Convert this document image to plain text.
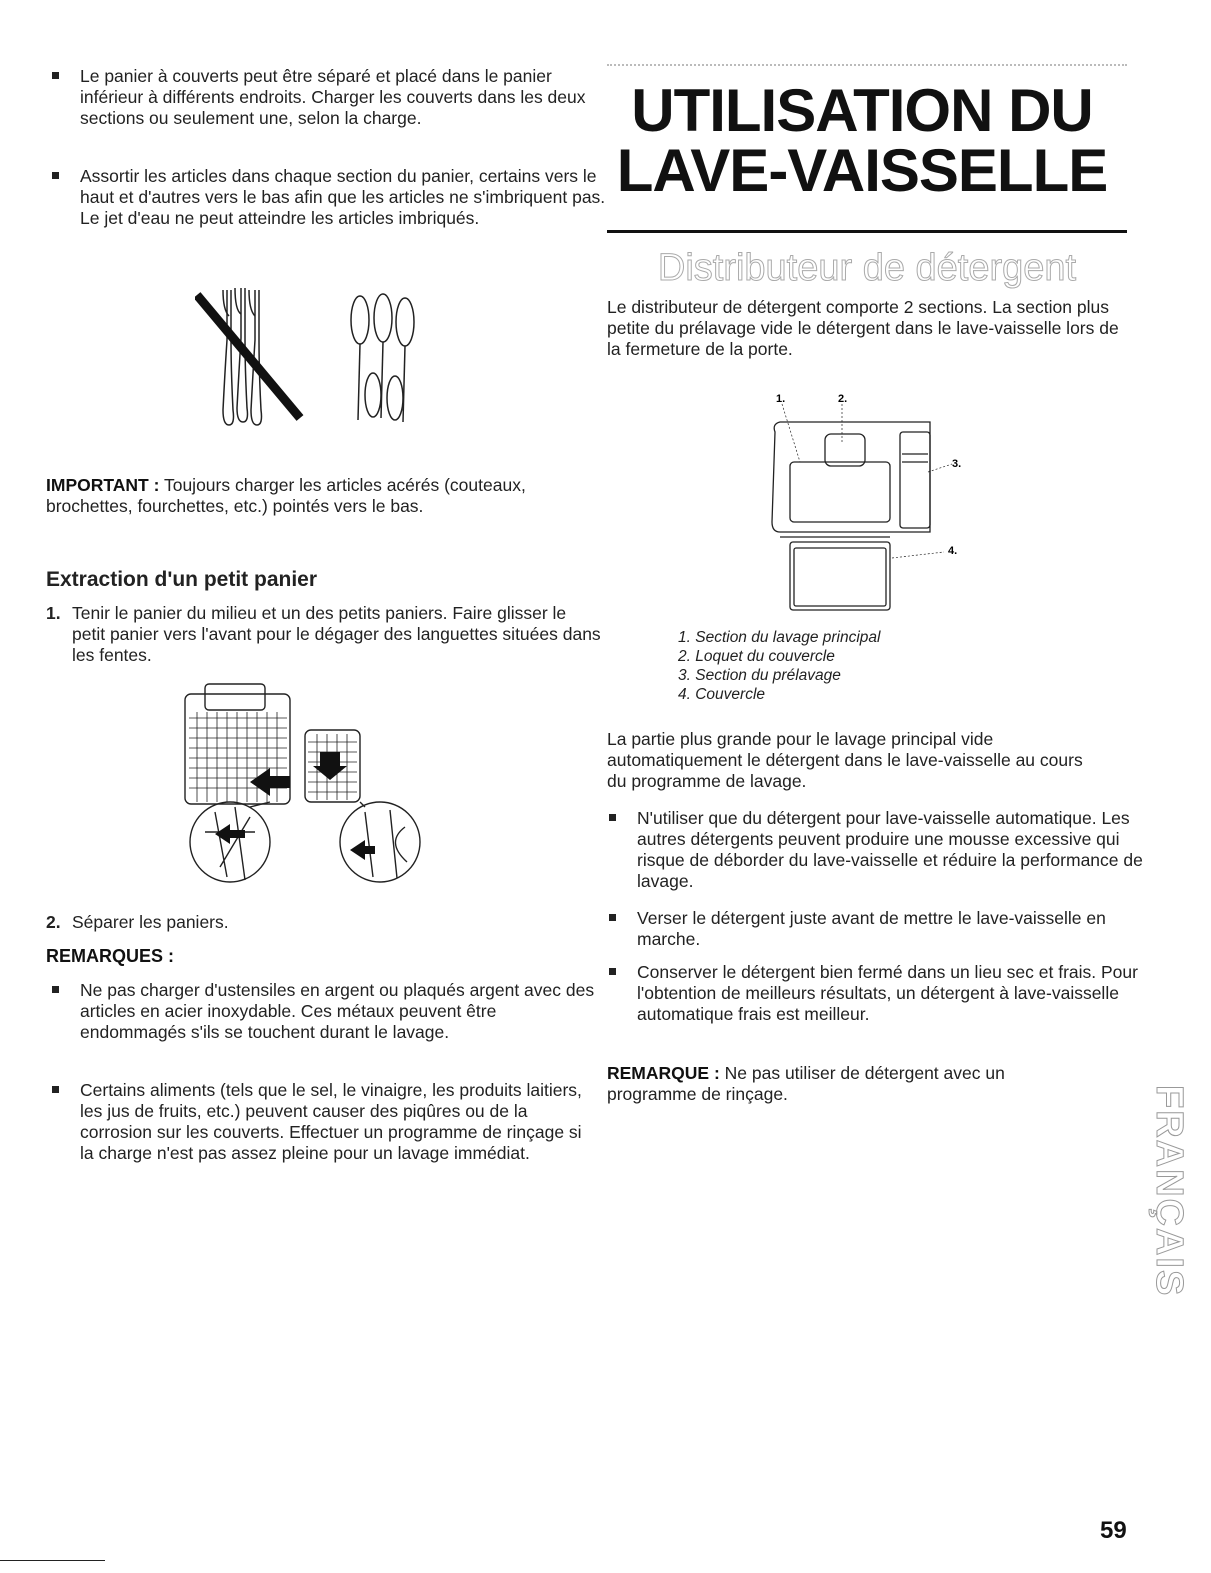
Le panier à couverts peut être séparé et placé dans le panier inférieur à différents endroits. Charger les couverts dans les deux sections ou seulement une, selon la charge.
Assortir les articles dans chaque section du panier, certains vers le haut et d'autres vers le bas afin que les articles ne s'imbriquent pas. Le jet d'eau ne peut atteindre les articles imbriqués.

IMPORTANT : Toujours charger les articles acérés (couteaux, brochettes, fourchettes, etc.) pointés vers le bas.

Extraction d'un petit panier
1. Tenir le panier du milieu et un des petits paniers. Faire glisser le petit panier vers l'avant pour le dégager des languettes situées dans les fentes.
2. Séparer les paniers.
REMARQUES :
Ne pas charger d'ustensiles en argent ou plaqués argent avec des articles en acier inoxydable. Ces métaux peuvent être endommagés s'ils se touchent durant le lavage.
Certains aliments (tels que le sel, le vinaigre, les produits laitiers, les jus de fruits, etc.) peuvent causer des piqûres ou de la corrosion sur les couverts. Effectuer un programme de rinçage si la charge n'est pas assez pleine pour un lavage immédiat.
UTILISATION DU
LAVE-VAISSELLE
Distributeur de détergent

Le distributeur de détergent comporte 2 sections. La section plus petite du prélavage vide le détergent dans le lave-vaisselle lors de la fermeture de la porte.

1.	2.
3.
4.
1. Section du lavage principal
2. Loquet du couvercle
3. Section du prélavage
4. Couvercle

La partie plus grande pour le lavage principal vide automatiquement le détergent dans le lave-vaisselle au cours du programme de lavage.

N'utiliser que du détergent pour lave-vaisselle automatique. Les autres détergents peuvent produire une mousse excessive qui risque de déborder du lave-vaisselle et réduire la performance de lavage.
Verser le détergent juste avant de mettre le lave-vaisselle en marche.
Conserver le détergent bien fermé dans un lieu sec et frais. Pour l'obtention de meilleurs résultats, un détergent à lave-vaisselle automatique frais est meilleur.

REMARQUE : Ne pas utiliser de détergent avec un programme de rinçage.	FRANÇAIS
59
